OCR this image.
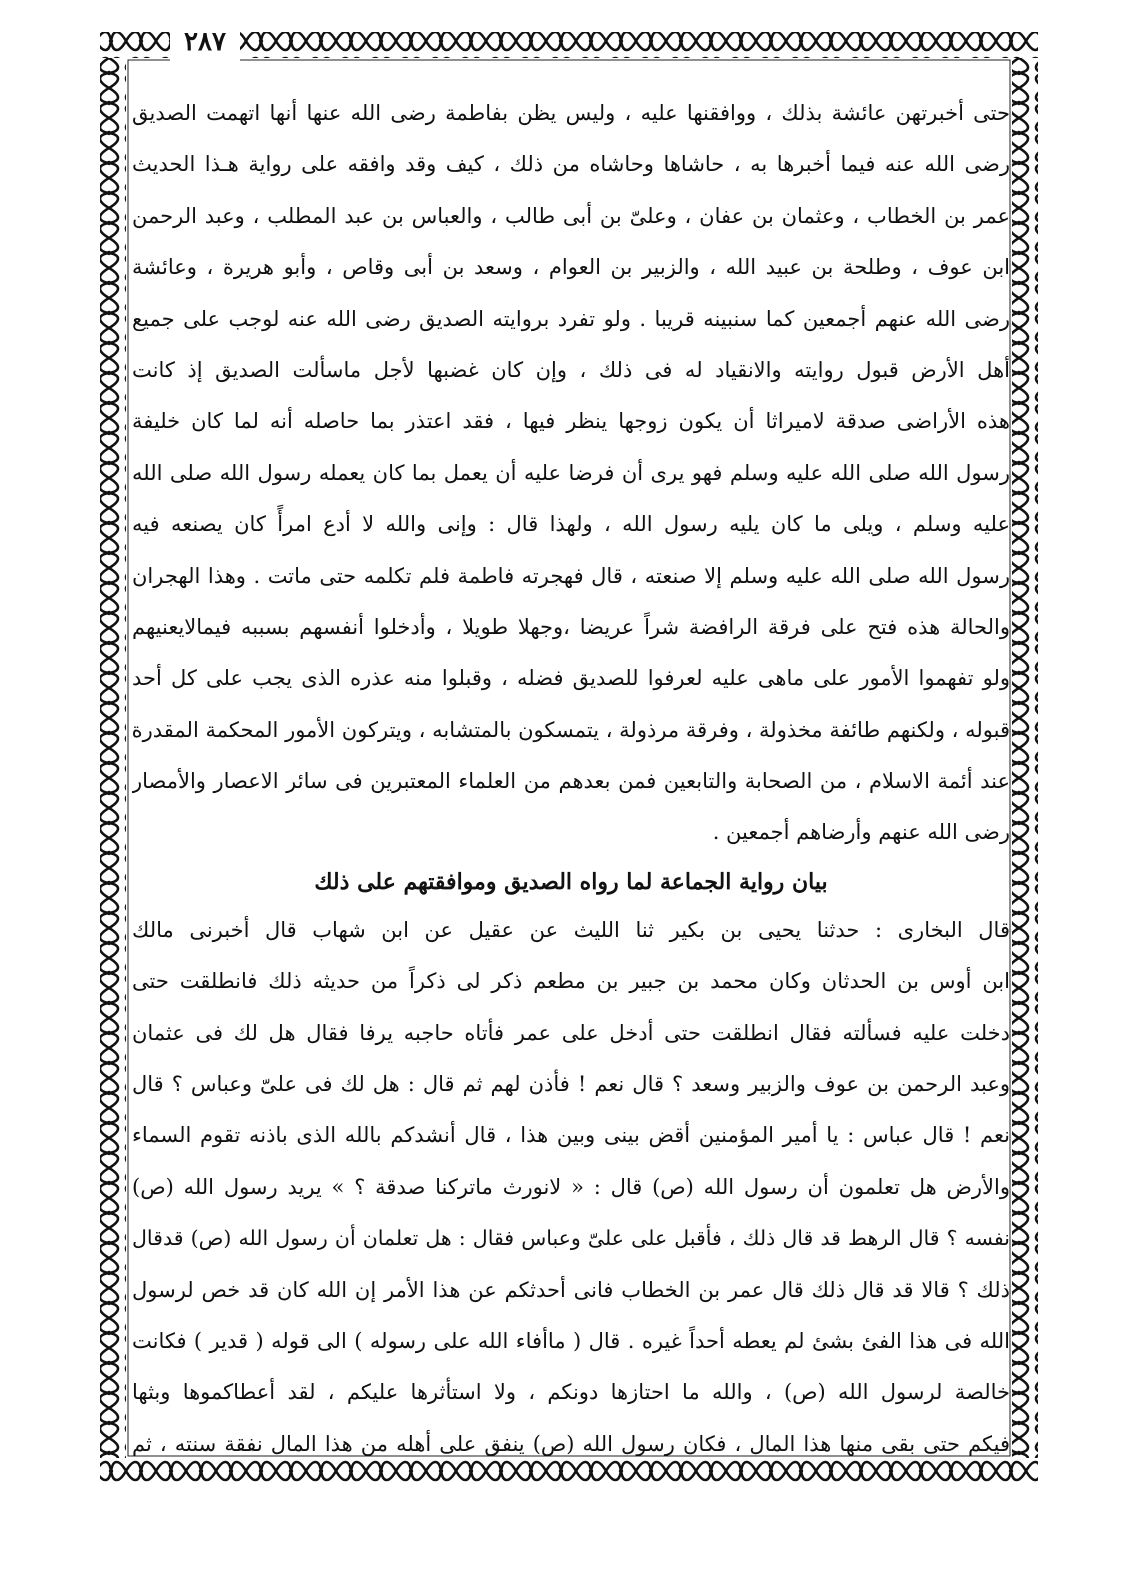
٢٨٧
حتى أخبرتهن عائشة بذلك ، ووافقنها عليه ، وليس يظن بفاطمة رضى الله عنها أنها اتهمت الصديق
رضى الله عنه فيما أخبرها به ، حاشاها وحاشاه من ذلك ، كيف وقد وافقه على رواية هـذا الحديث
عمر بن الخطاب ، وعثمان بن عفان ، وعلىّ بن أبى طالب ، والعباس بن عبد المطلب ، وعبد الرحمن
ابن عوف ، وطلحة بن عبيد الله ، والزبير بن العوام ، وسعد بن أبى وقاص ، وأبو هريرة ، وعائشة
رضى الله عنهم أجمعين كما سنبينه قريبا . ولو تفرد بروايته الصديق رضى الله عنه لوجب على جميع
أهل الأرض قبول روايته والانقياد له فى ذلك ، وإن كان غضبها لأجل ماسألت الصديق إذ كانت
هذه الأراضى صدقة لاميراثا أن يكون زوجها ينظر فيها ، فقد اعتذر بما حاصله أنه لما كان خليفة
رسول الله صلى الله عليه وسلم فهو يرى أن فرضا عليه أن يعمل بما كان يعمله رسول الله صلى الله
عليه وسلم ، ويلى ما كان يليه رسول الله ، ولهذا قال : وإنى والله لا أدع امرأً كان يصنعه فيه
رسول الله صلى الله عليه وسلم إلا صنعته ، قال فهجرته فاطمة فلم تكلمه حتى ماتت . وهذا الهجران
والحالة هذه فتح على فرقة الرافضة شراً عريضا ،وجهلا طويلا ، وأدخلوا أنفسهم بسببه فيمالايعنيهم
ولو تفهموا الأمور على ماهى عليه لعرفوا للصديق فضله ، وقبلوا منه عذره الذى يجب على كل أحد
قبوله ، ولكنهم طائفة مخذولة ، وفرقة مرذولة ، يتمسكون بالمتشابه ، ويتركون الأمور المحكمة المقدرة
عند أئمة الاسلام ، من الصحابة والتابعين فمن بعدهم من العلماء المعتبرين فى سائر الاعصار والأمصار
رضى الله عنهم وأرضاهم أجمعين .
بيان رواية الجماعة لما رواه الصديق وموافقتهم على ذلك
قال البخارى : حدثنا يحيى بن بكير ثنا الليث عن عقيل عن ابن شهاب قال أخبرنى مالك
ابن أوس بن الحدثان وكان محمد بن جبير بن مطعم ذكر لى ذكراً من حديثه ذلك فانطلقت حتى
دخلت عليه فسألته فقال انطلقت حتى أدخل على عمر فأتاه حاجبه يرفا فقال هل لك فى عثمان
وعبد الرحمن بن عوف والزبير وسعد ؟ قال نعم ! فأذن لهم ثم قال : هل لك فى علىّ وعباس ؟ قال
نعم ! قال عباس : يا أمير المؤمنين أقض بينى وبين هذا ، قال أنشدكم بالله الذى باذنه تقوم السماء
والأرض هل تعلمون أن رسول الله (ص) قال : « لانورث ماتركنا صدقة ؟ » يريد رسول الله (ص)
نفسه ؟ قال الرهط قد قال ذلك ، فأقبل على علىّ وعباس فقال : هل تعلمان أن رسول الله (ص) قدقال
ذلك ؟ قالا قد قال ذلك قال عمر بن الخطاب فانى أحدثكم عن هذا الأمر إن الله كان قد خص لرسول
الله فى هذا الفئ بشئ لم يعطه أحداً غيره . قال ( ماأفاء الله على رسوله ) الى قوله ( قدير ) فكانت
خالصة لرسول الله (ص) ، والله ما احتازها دونكم ، ولا استأثرها عليكم ، لقد أعطاكموها وبثها
فيكم حتى بقى منها هذا المال ، فكان رسول الله (ص) ينفق على أهله من هذا المال نفقة سنته ، ثم
